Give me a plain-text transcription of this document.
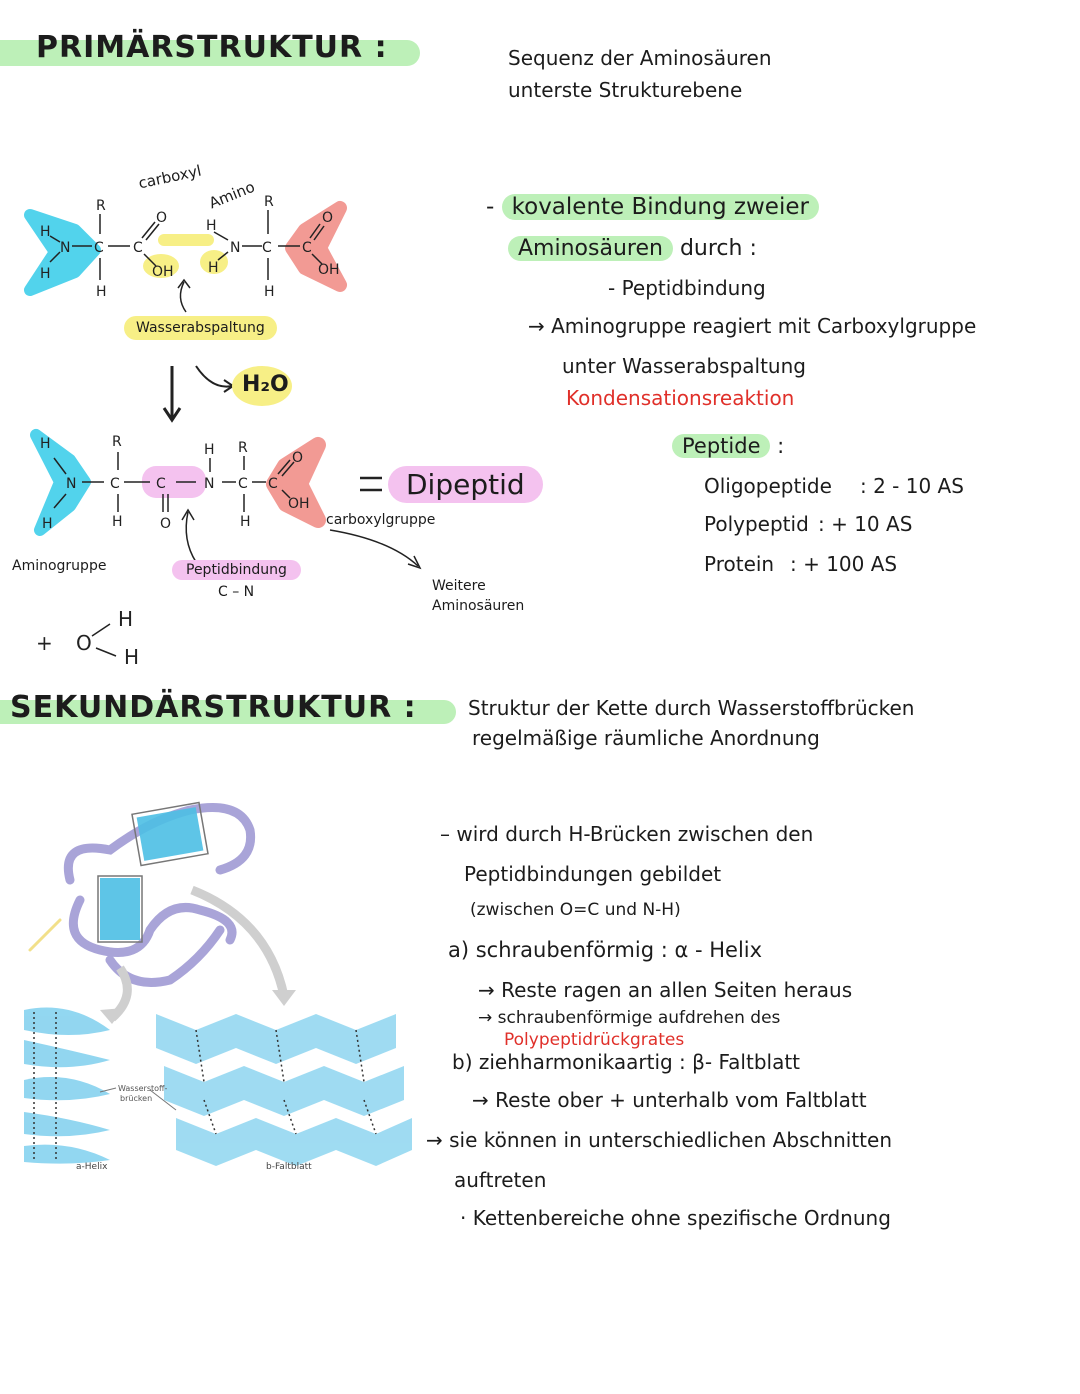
PRIMÄRSTRUKTUR :	Sequenz der Aminosäuren
unterste Strukturebene
H
N
H
R
C
H
C
O
OH
H
N
H
R
C
H
C
O
OH
H
N
H
R
C
H
C
O
H
N
R
C
H
C
O
OH
+ O
H
H
carboxyl
Amino
Wasserabspaltung
H₂O
Dipeptid
carboxylgruppe
Aminogruppe	Peptidbindung
C – N	Weitere
Aminosäuren
- kovalente Bindung zweier
Aminosäuren durch :
- Peptidbindung
→ Aminogruppe reagiert mit Carboxylgruppe
unter Wasserabspaltung
Kondensationsreaktion
Peptide :
Oligopeptide : 2 - 10 AS
Polypeptid : + 10 AS
Protein : + 100 AS
SEKUNDÄRSTRUKTUR :	Struktur der Kette durch Wasserstoffbrücken
regelmäßige räumliche Anordnung
Wasserstoff-
brücken
a-Helix	b-Faltblatt
– wird durch H-Brücken zwischen den
Peptidbindungen gebildet
(zwischen O=C und N-H)
a) schraubenförmig : α - Helix
→ Reste ragen an allen Seiten heraus
→ schraubenförmige aufdrehen des
Polypeptidrückgrates
b) ziehharmonikaartig : β- Faltblatt
→ Reste ober + unterhalb vom Faltblatt
→ sie können in unterschiedlichen Abschnitten
auftreten
· Kettenbereiche ohne spezifische Ordnung
